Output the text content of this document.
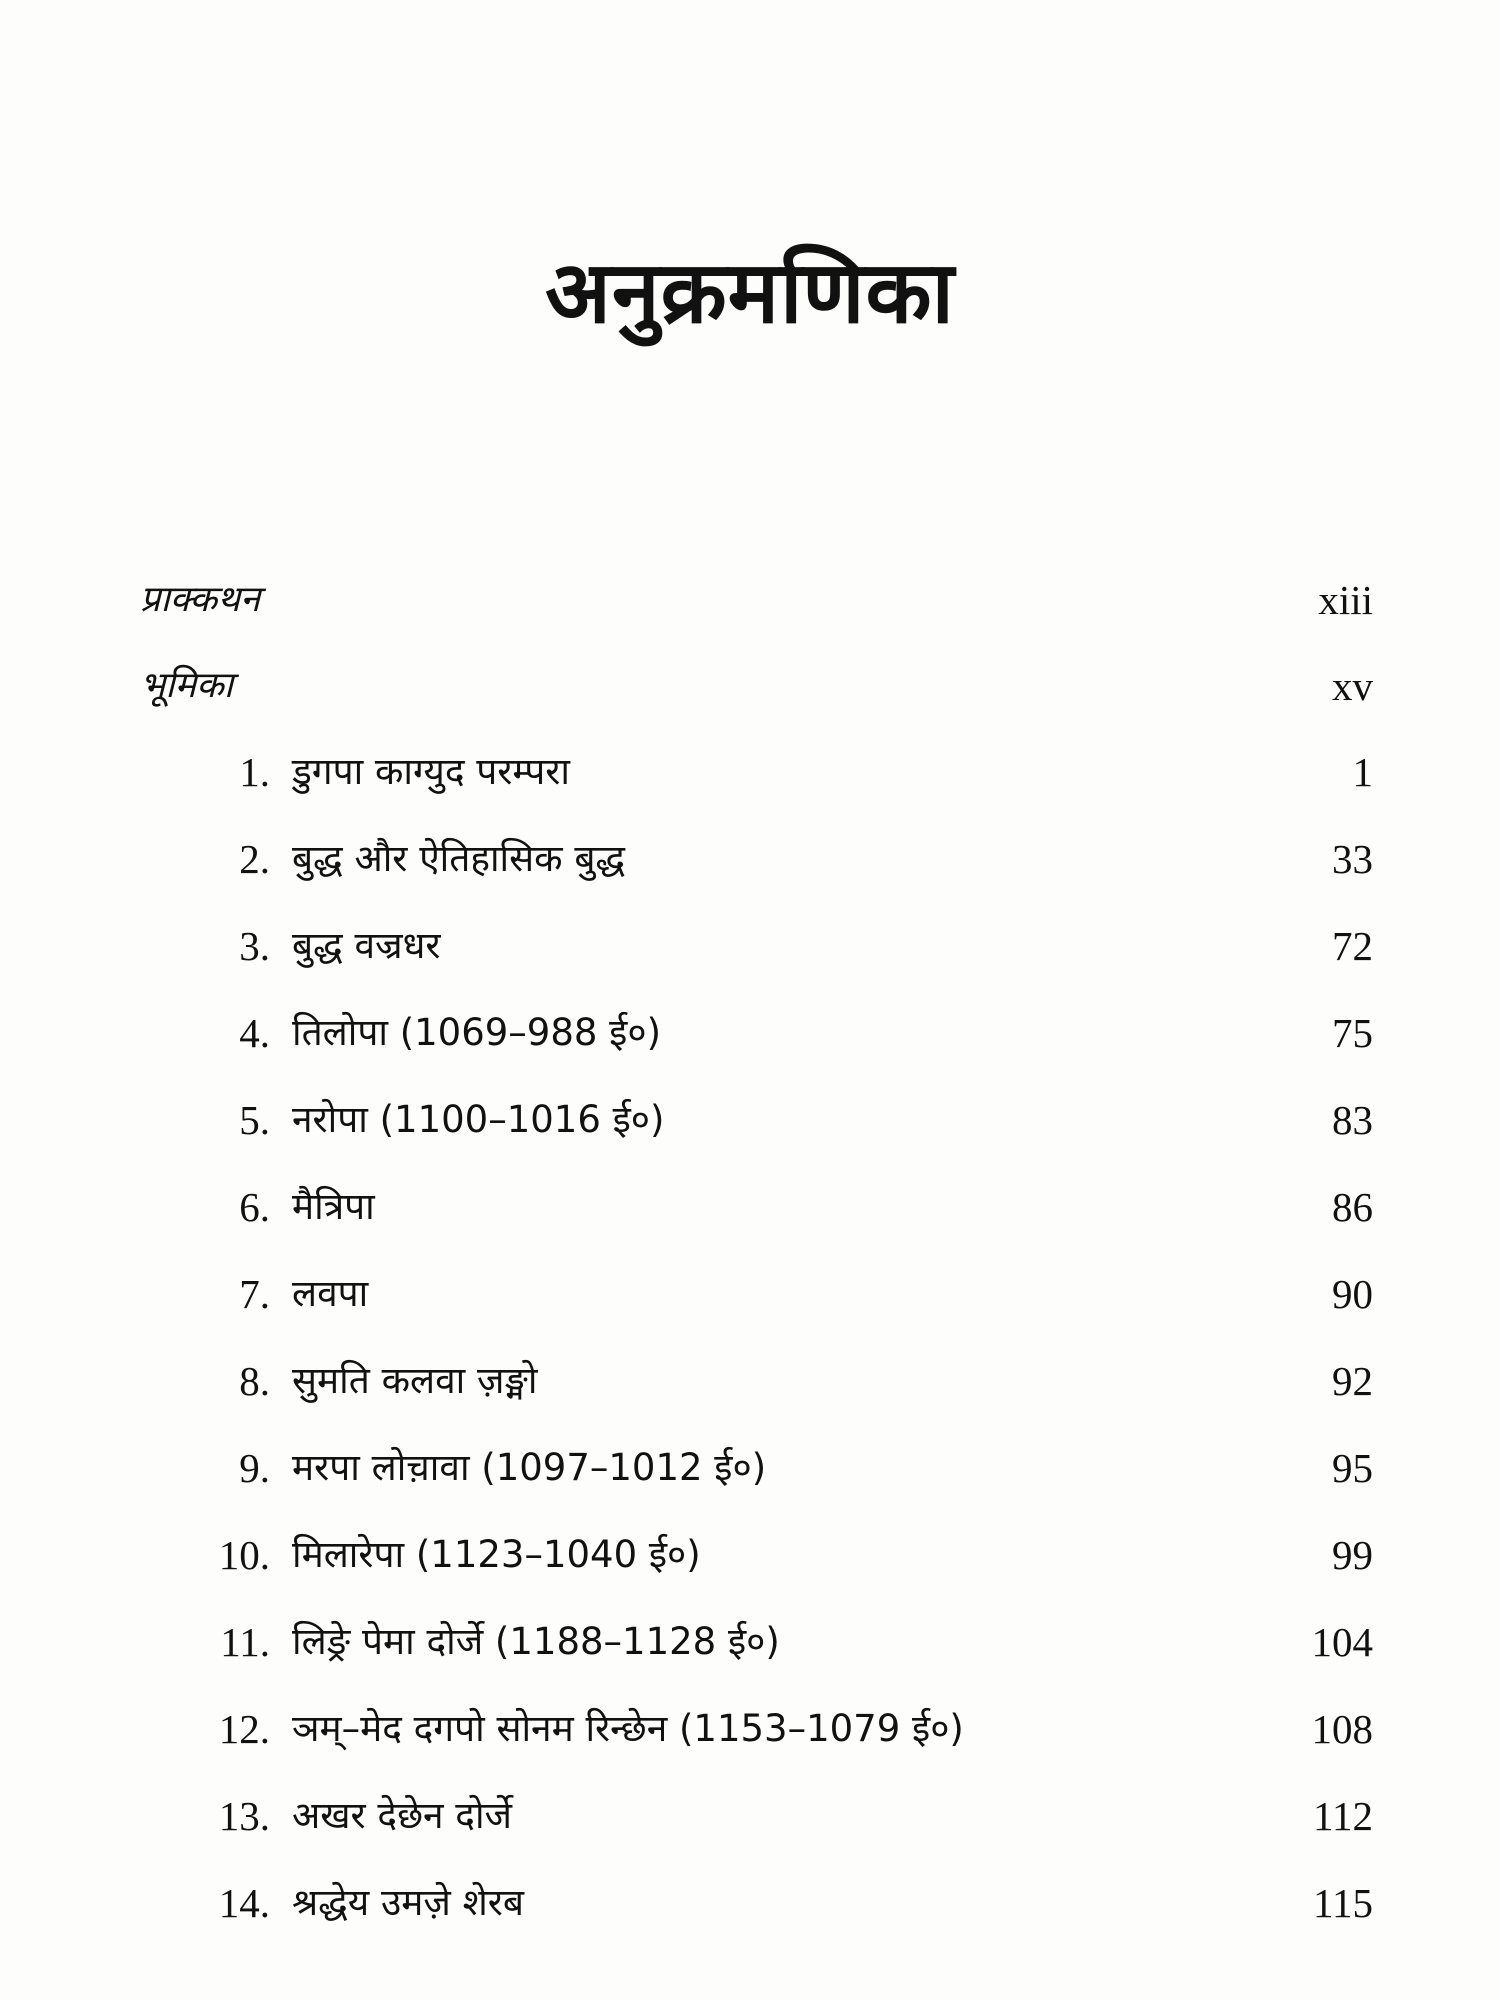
अनुक्रमणिका
प्राक्कथन	xiii
भूमिका	xv
1. डुगपा काग्युद परम्परा	1
2. बुद्ध और ऐतिहासिक बुद्ध	33
3. बुद्ध वज्रधर	72
4. तिलोपा (1069–988 ई०)	75
5. नरोपा (1100–1016 ई०)	83
6. मैत्रिपा	86
7. लवपा	90
8. सुमति कलवा ज़ङ्मो	92
9. मरपा लोच़ावा (1097–1012 ई०)	95
10. मिलारेपा (1123–1040 ई०)	99
11. लिङ्रे पेमा दोर्जे (1188–1128 ई०)	104
12. ञम्–मेद दगपो सोनम रिन्छेन (1153–1079 ई०)	108
13. अखर देछेन दोर्जे	112
14. श्रद्धेय उमज़े शेरब	115
